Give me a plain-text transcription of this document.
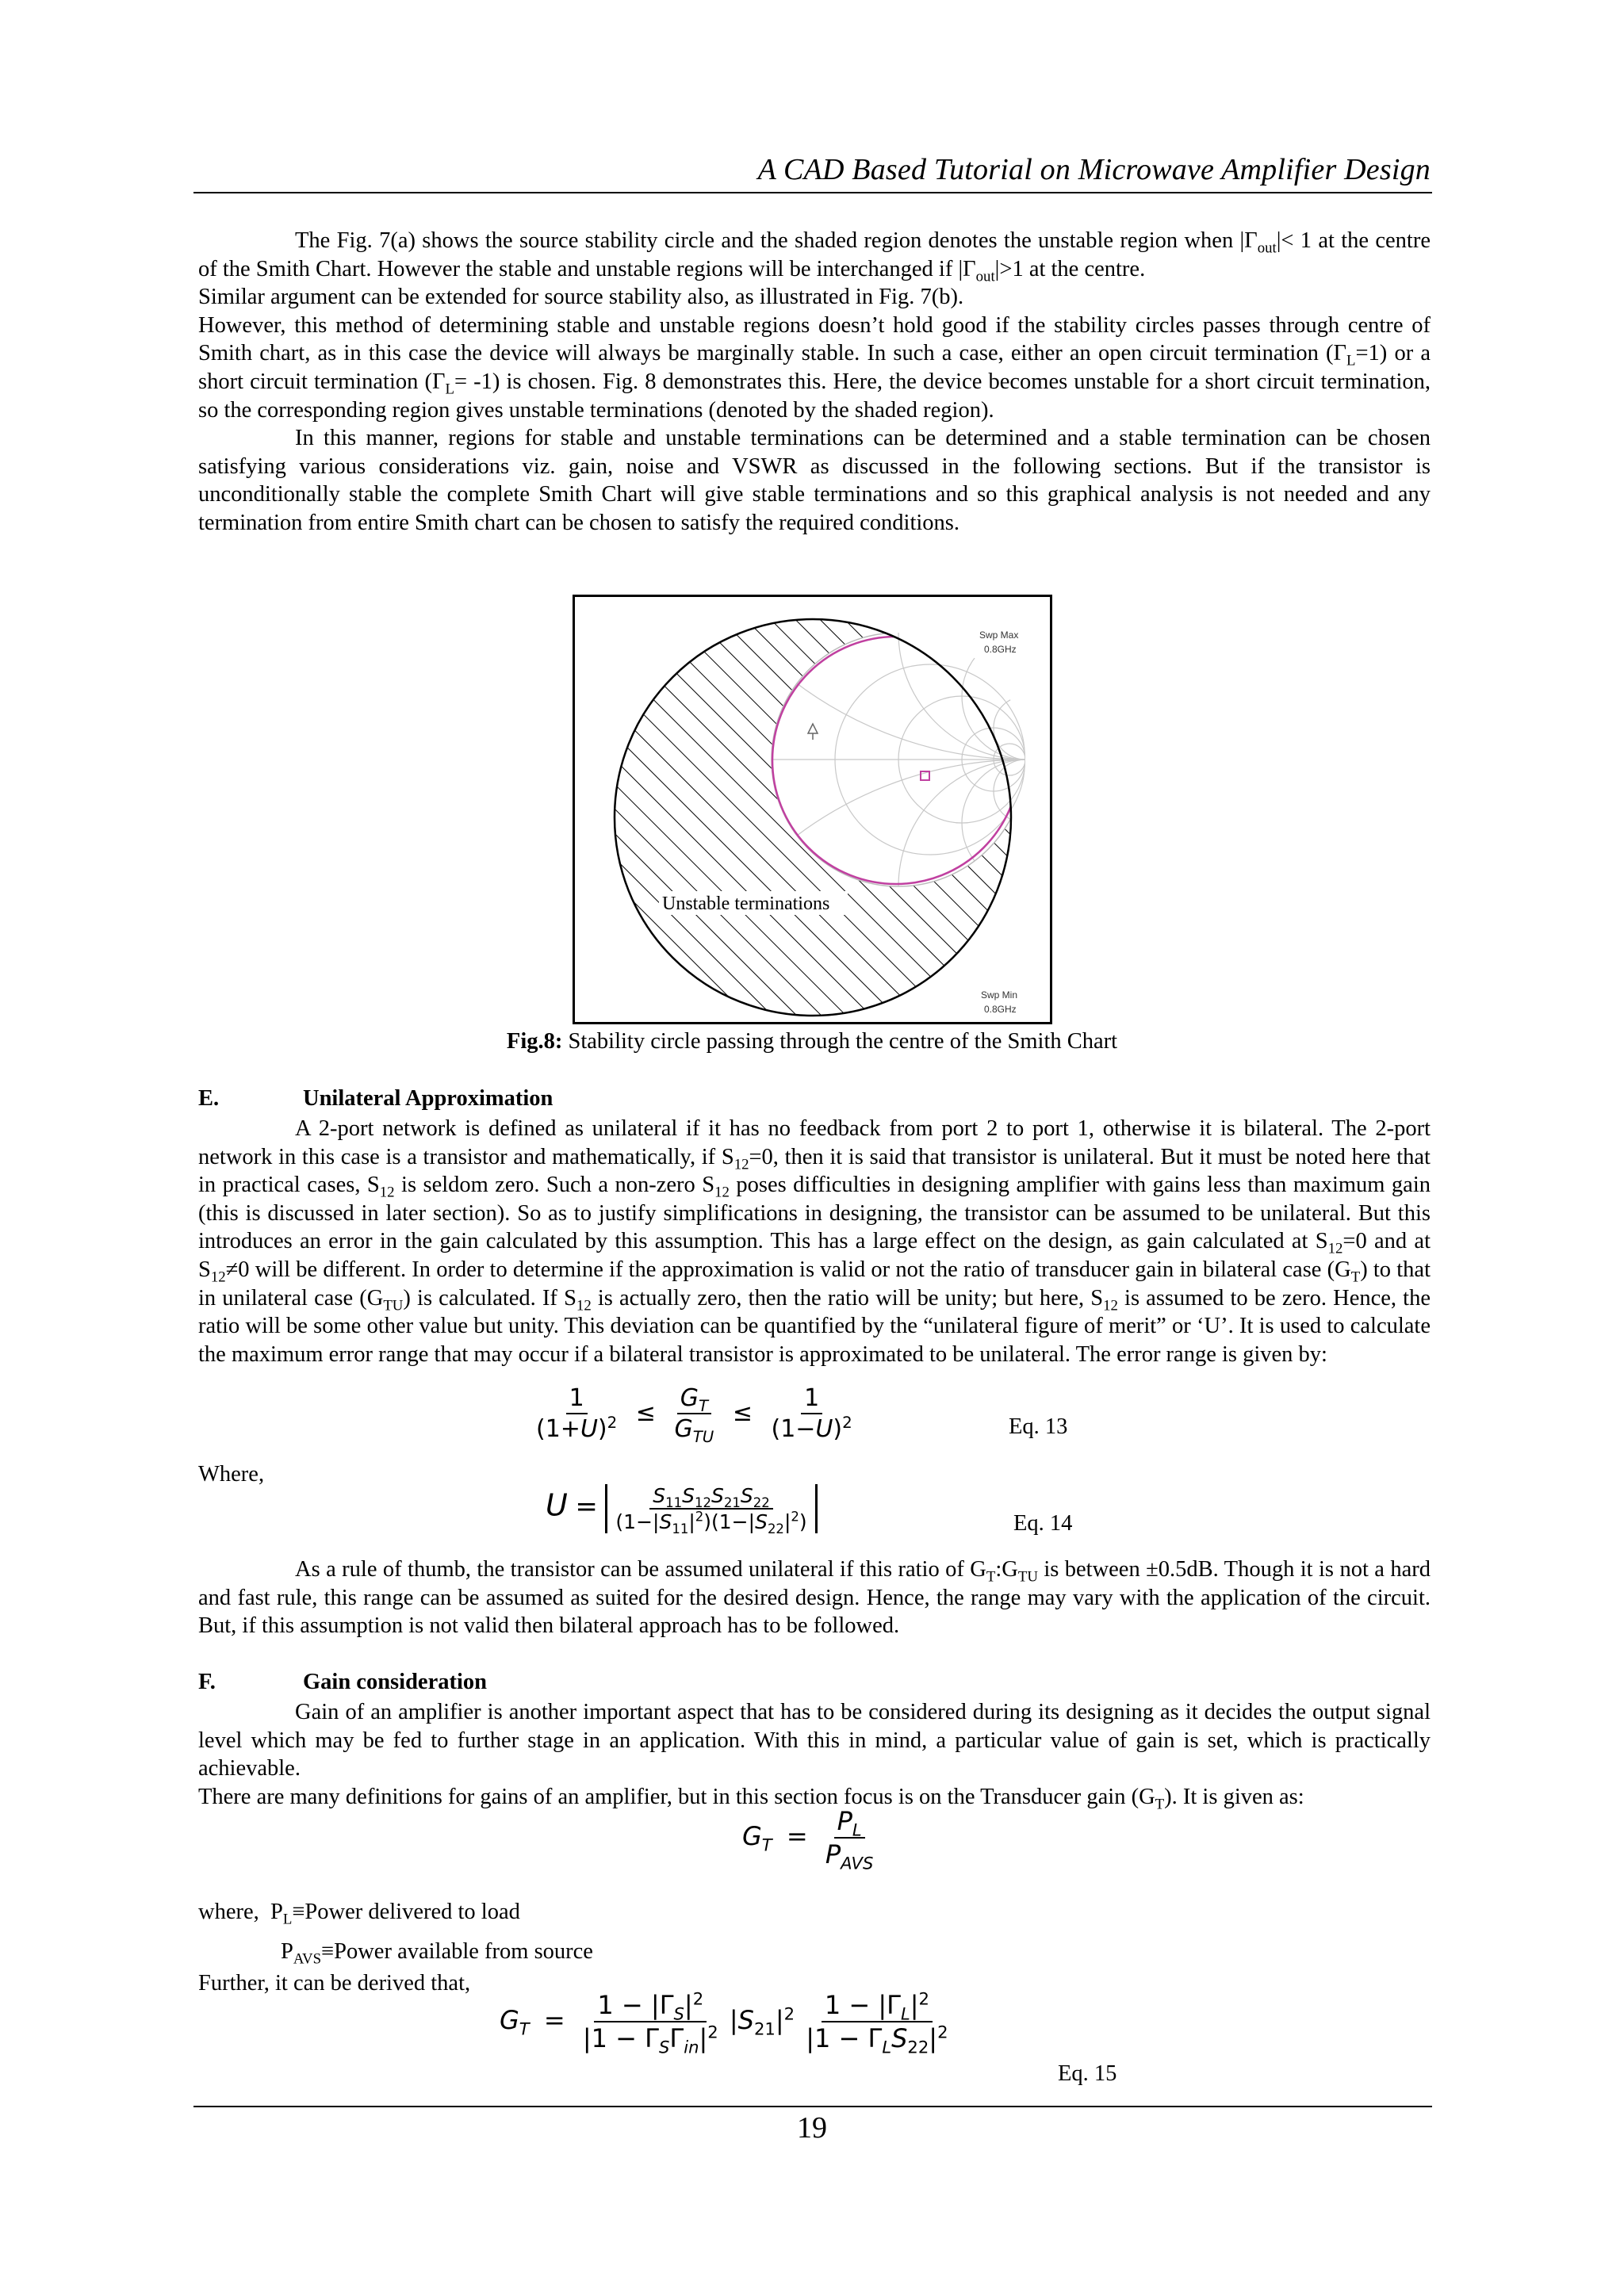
A CAD Based Tutorial on Microwave Amplifier Design

The Fig. 7(a) shows the source stability circle and the shaded region denotes the unstable region when $|\Gamma_{out}|< 1$ at the centre of the Smith Chart. However the stable and unstable regions will be interchanged if $|\Gamma_{out}|>1$ at the centre.

Similar argument can be extended for source stability also, as illustrated in Fig. 7(b).

However, this method of determining stable and unstable regions doesn’t hold good if the stability circles passes through centre of Smith chart, as in this case the device will always be marginally stable. In such a case, either an open circuit termination $(\Gamma_L=1)$ or a short circuit termination $(\Gamma_L= -1)$ is chosen. Fig. 8 demonstrates this. Here, the device becomes unstable for a short circuit termination, so the corresponding region gives unstable terminations (denoted by the shaded region).

In this manner, regions for stable and unstable terminations can be determined and a stable termination can be chosen satisfying various considerations viz. gain, noise and VSWR as discussed in the following sections. But if the transistor is unconditionally stable the complete Smith Chart will give stable terminations and so this graphical analysis is not needed and any termination from entire Smith chart can be chosen to satisfy the required conditions.

Swp Max
0.8GHz
Swp Min
0.8GHz
Unstable terminations
Fig.8: Stability circle passing through the centre of the Smith Chart
E.	Unilateral Approximation

A 2-port network is defined as unilateral if it has no feedback from port 2 to port 1, otherwise it is bilateral. The 2-port network in this case is a transistor and mathematically, if $S_{12}=0$, then it is said that transistor is unilateral. But it must be noted here that in practical cases, $S_{12}$ is seldom zero. Such a non-zero $S_{12}$ poses difficulties in designing amplifier with gains less than maximum gain (this is discussed in later section). So as to justify simplifications in designing, the transistor can be assumed to be unilateral. But this introduces an error in the gain calculated by this assumption. This has a large effect on the design, as gain calculated at $S_{12}=0$ and at $S_{12}\ne 0$ will be different. In order to determine if the approximation is valid or not the ratio of transducer gain in bilateral case $(G_T)$ to that in unilateral case $(G_{TU})$ is calculated. If $S_{12}$ is actually zero, then the ratio will be unity; but here, $S_{12}$ is assumed to be zero. Hence, the ratio will be some other value but unity. This deviation can be quantified by the “unilateral figure of merit” or ‘U’. It is used to calculate the maximum error range that may occur if a bilateral transistor is approximated to be unilateral. The error range is given by:

$\frac{1}{(1+U)^2}$ ≤
$G_T$
$G_{TU}$
≤ $\frac{1}{(1-U)^2}$	Eq. 13
Where,
$U = \frac{S_{11}S_{12}S_{21}S_{22}}{(1-|S_{11}|^2)(1-|S_{22}|^2)}$	Eq. 14

As a rule of thumb, the transistor can be assumed unilateral if this ratio of $G_T:G_{TU}$ is between ±0.5dB. Though it is not a hard and fast rule, this range can be assumed as suited for the desired design. Hence, the range may vary with the application of the circuit. But, if this assumption is not valid then bilateral approach has to be followed.

F.	Gain consideration

Gain of an amplifier is another important aspect that has to be considered during its designing as it decides the output signal level which may be fed to further stage in an application. With this in mind, a particular value of gain is set, which is practically achievable.

There are many definitions for gains of an amplifier, but in this section focus is on the Transducer gain $(G_T)$. It is given as:

$G_T = P_L$
$P_{AVS}$
where, $P_L\equiv Power$ delivered to load
$P_{AVS}\equiv Power$ available from source
Further, it can be derived that,
$G_T = 1 - |\Gamma_S|^2$
$|1 - \Gamma_S\Gamma_{in}|^2$ $|S_{21}|^2$ $1 - |\Gamma_L|^2$
$|1 - \Gamma_LS_{22}|^2$
Eq. 15
19
